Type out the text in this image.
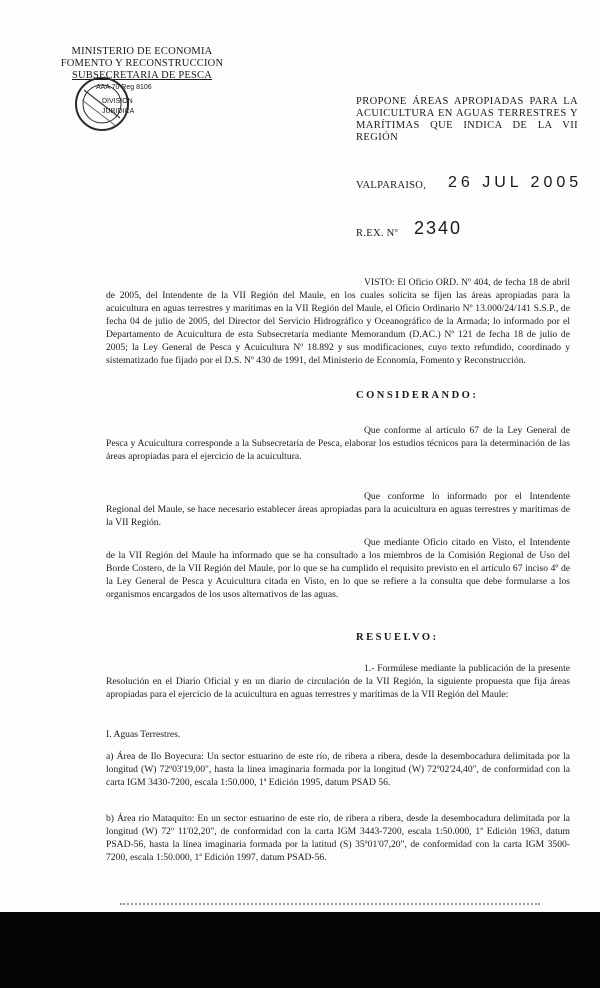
MINISTERIO DE ECONOMIA
FOMENTO Y RECONSTRUCCION
SUBSECRETARIA DE PESCA
AAA 70 Reg 8106
DIVISION
JURIDICA
PROPONE ÁREAS APROPIADAS PARA LA ACUICULTURA EN AGUAS TERRESTRES Y MARÍTIMAS QUE INDICA DE LA VII REGIÓN
VALPARAISO, 26 JUL 2005
R.EX. Nº 2340
VISTO: El Oficio ORD. Nº 404, de fecha 18 de abril de 2005, del Intendente de la VII Región del Maule, en los cuales solicita se fijen las áreas apropiadas para la acuicultura en aguas terrestres y marítimas en la VII Región del Maule, el Oficio Ordinario Nº 13.000/24/141 S.S.P., de fecha 04 de julio de 2005, del Director del Servicio Hidrográfico y Oceanográfico de la Armada; lo informado por el Departamento de Acuicultura de esta Subsecretaría mediante Memorandum (D.AC.) Nº 121 de fecha 18 de julio de 2005; la Ley General de Pesca y Acuicultura Nº 18.892 y sus modificaciones, cuyo texto refundido, coordinado y sistematizado fue fijado por el D.S. Nº 430 de 1991, del Ministerio de Economía, Fomento y Reconstrucción.
CONSIDERANDO:
Que conforme al artículo 67 de la Ley General de Pesca y Acuicultura corresponde a la Subsecretaría de Pesca, elaborar los estudios técnicos para la determinación de las áreas apropiadas para el ejercicio de la acuicultura.
Que conforme lo informado por el Intendente Regional del Maule, se hace necesario establecer áreas apropiadas para la acuicultura en aguas terrestres y marítimas de la VII Región.
Que mediante Oficio citado en Visto, el Intendente de la VII Región del Maule ha informado que se ha consultado a los miembros de la Comisión Regional de Uso del Borde Costero, de la VII Región del Maule, por lo que se ha cumplido el requisito previsto en el artículo 67 inciso 4º de la Ley General de Pesca y Acuicultura citada en Visto, en lo que se refiere a la consulta que debe formularse a los organismos encargados de los usos alternativos de las aguas.
RESUELVO:
1.- Formúlese mediante la publicación de la presente Resolución en el Diario Oficial y en un diario de circulación de la VII Región, la siguiente propuesta que fija áreas apropiadas para el ejercicio de la acuicultura en aguas terrestres y marítimas de la VII Región del Maule:
I. Aguas Terrestres.
a) Área de Ilo Boyecura: Un sector estuarino de este río, de ribera a ribera, desde la desembocadura delimitada por la longitud (W) 72º03'19,00", hasta la línea imaginaria formada por la longitud (W) 72º02'24,40", de conformidad con la carta IGM 3430-7200, escala 1:50.000, 1ª Edición 1995, datum PSAD 56.
b) Área río Mataquito: En un sector estuarino de este río, de ribera a ribera, desde la desembocadura delimitada por la longitud (W) 72º 11'02,20", de conformidad con la carta IGM 3443-7200, escala 1:50.000, 1ª Edición 1963, datum PSAD-56, hasta la línea imaginaria formada por la latitud (S) 35º01'07,20", de conformidad con la carta IGM 3500-7200, escala 1:50.000, 1ª Edición 1997, datum PSAD-56.
